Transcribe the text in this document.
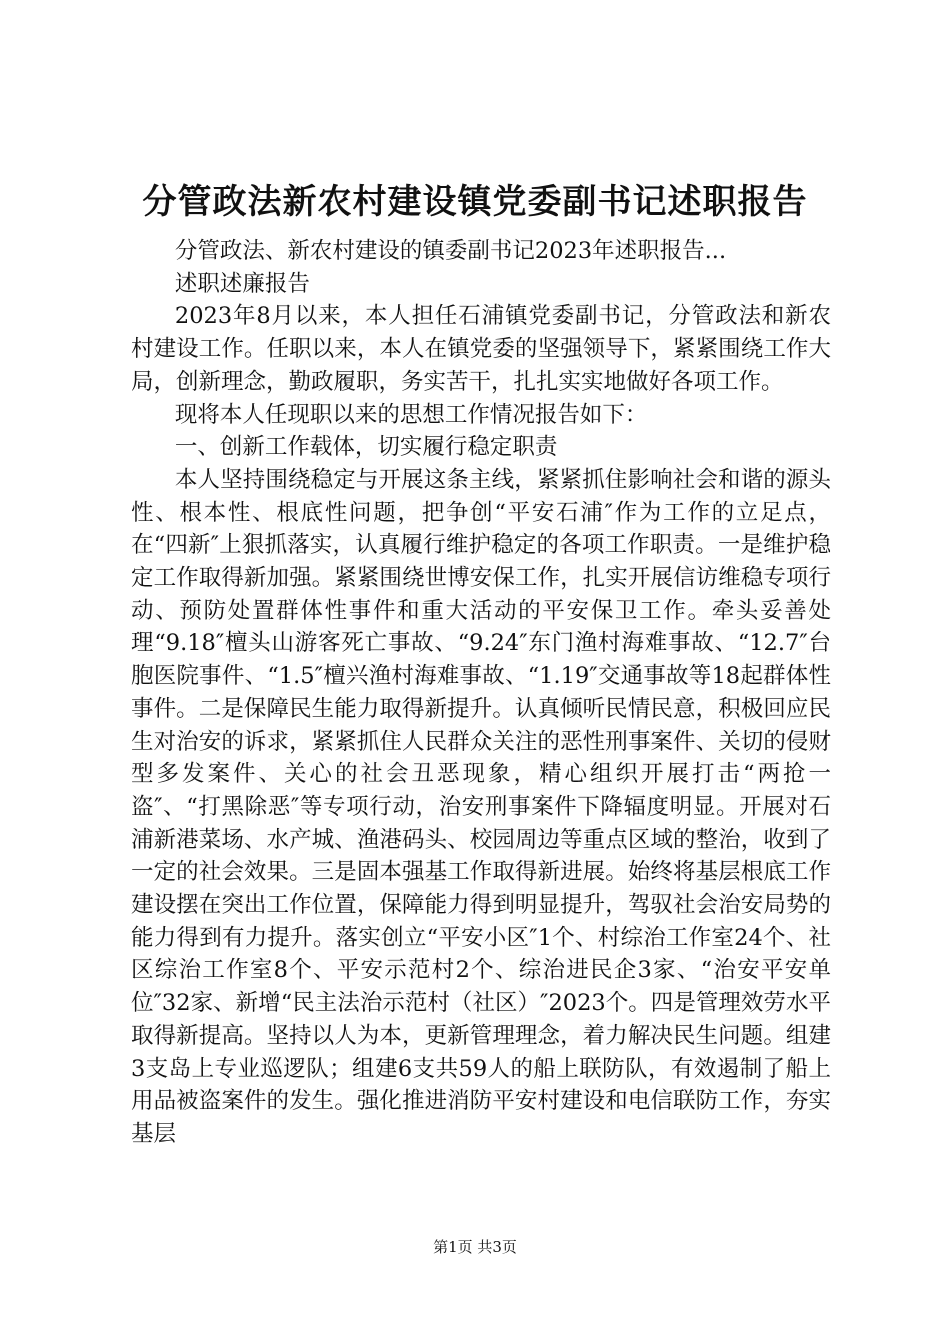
分管政法新农村建设镇党委副书记述职报告

分管政法、新农村建设的镇委副书记2023年述职报告...

述职述廉报告

2023年8月以来，本人担任石浦镇党委副书记，分管政法和新农村建设工作。任职以来，本人在镇党委的坚强领导下，紧紧围绕工作大局，创新理念，勤政履职，务实苦干，扎扎实实地做好各项工作。

现将本人任现职以来的思想工作情况报告如下：

一、创新工作载体，切实履行稳定职责

本人坚持围绕稳定与开展这条主线，紧紧抓住影响社会和谐的源头性、根本性、根底性问题，把争创“平安石浦″作为工作的立足点，在“四新″上狠抓落实，认真履行维护稳定的各项工作职责。一是维护稳定工作取得新加强。紧紧围绕世博安保工作，扎实开展信访维稳专项行动、预防处置群体性事件和重大活动的平安保卫工作。牵头妥善处理“9.18″檀头山游客死亡事故、“9.24″东门渔村海难事故、“12.7″台胞医院事件、“1.5″檀兴渔村海难事故、“1.19″交通事故等18起群体性事件。二是保障民生能力取得新提升。认真倾听民情民意，积极回应民生对治安的诉求，紧紧抓住人民群众关注的恶性刑事案件、关切的侵财型多发案件、关心的社会丑恶现象，精心组织开展打击“两抢一盗″、“打黑除恶″等专项行动，治安刑事案件下降辐度明显。开展对石浦新港菜场、水产城、渔港码头、校园周边等重点区域的整治，收到了一定的社会效果。三是固本强基工作取得新进展。始终将基层根底工作建设摆在突出工作位置，保障能力得到明显提升，驾驭社会治安局势的能力得到有力提升。落实创立“平安小区″1个、村综治工作室24个、社区综治工作室8个、平安示范村2个、综治进民企3家、“治安平安单位″32家、新增“民主法治示范村（社区）″2023个。四是管理效劳水平取得新提高。坚持以人为本，更新管理理念，着力解决民生问题。组建3支岛上专业巡逻队；组建6支共59人的船上联防队，有效遏制了船上用品被盗案件的发生。强化推进消防平安村建设和电信联防工作，夯实基层

第1页 共3页
